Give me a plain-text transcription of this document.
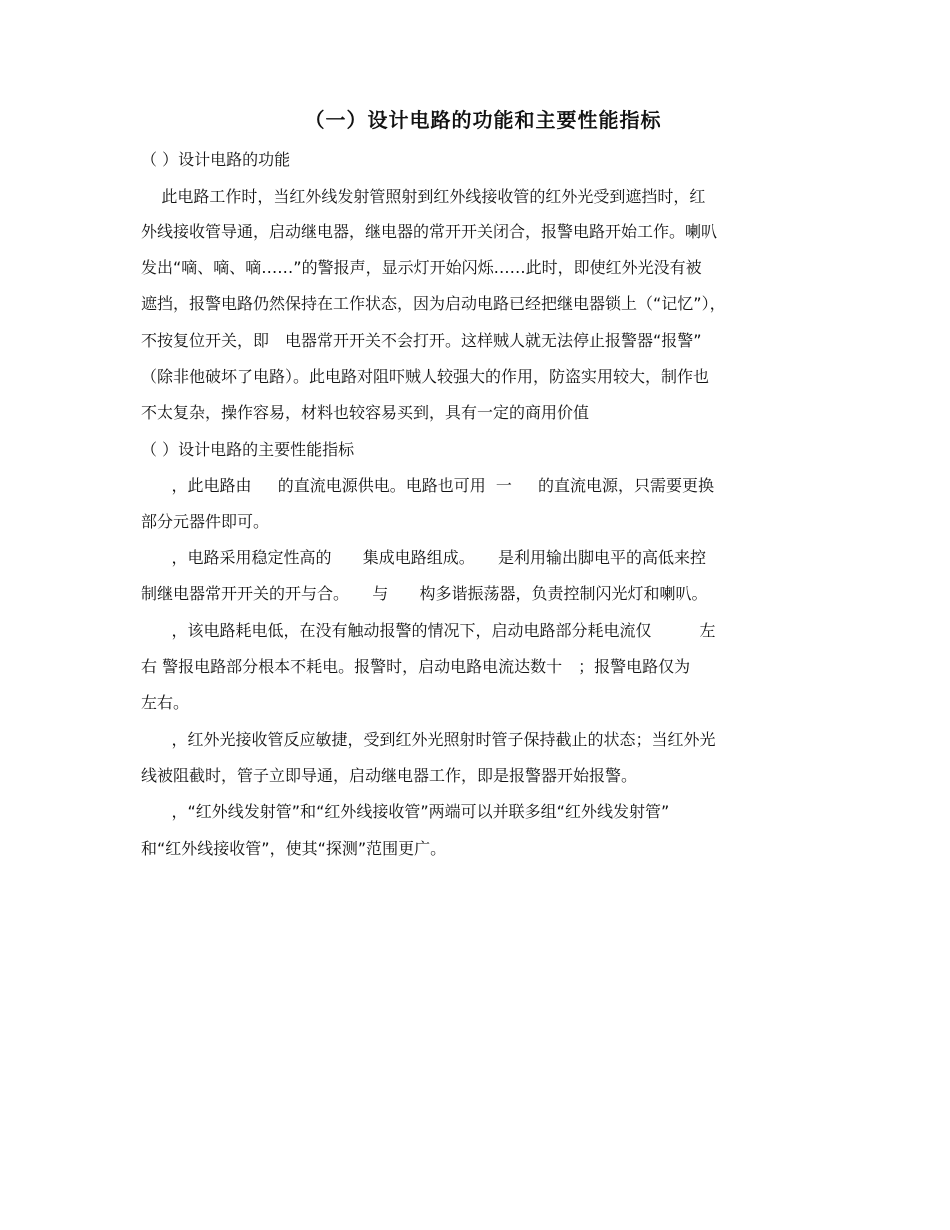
（一）设计电路的功能和主要性能指标
（ ）设计电路的功能
此电路工作时，当红外线发射管照射到红外线接收管的红外光受到遮挡时，红
外线接收管导通，启动继电器，继电器的常开开关闭合，报警电路开始工作。喇叭
发出“嘀、嘀、嘀……”的警报声，显示灯开始闪烁……此时，即使红外光没有被
遮挡，报警电路仍然保持在工作状态，因为启动电路已经把继电器锁上（“记忆”），
不按复位开关，即　电器常开开关不会打开。这样贼人就无法停止报警器“报警”
（除非他破坏了电路）。此电路对阻吓贼人较强大的作用，防盗实用较大，制作也
不太复杂，操作容易，材料也较容易买到，具有一定的商用价值
（ ）设计电路的主要性能指标
，此电路由　  的直流电源供电。电路也可用  一　  的直流电源，只需要更换
部分元器件即可。
，电路采用稳定性高的　   集成电路组成。　   是利用输出脚电平的高低来控
制继电器常开开关的开与合。　   与　   构多谐振荡器，负责控制闪光灯和喇叭。
，该电路耗电低，在没有触动报警的情况下，启动电路部分耗电流仅　　　左
右 警报电路部分根本不耗电。报警时，启动电路电流达数十　；报警电路仅为
左右。
，红外光接收管反应敏捷，受到红外光照射时管子保持截止的状态；当红外光
线被阻截时，管子立即导通，启动继电器工作，即是报警器开始报警。
，“红外线发射管”和“红外线接收管”两端可以并联多组“红外线发射管”
和“红外线接收管”，使其“探测”范围更广。
